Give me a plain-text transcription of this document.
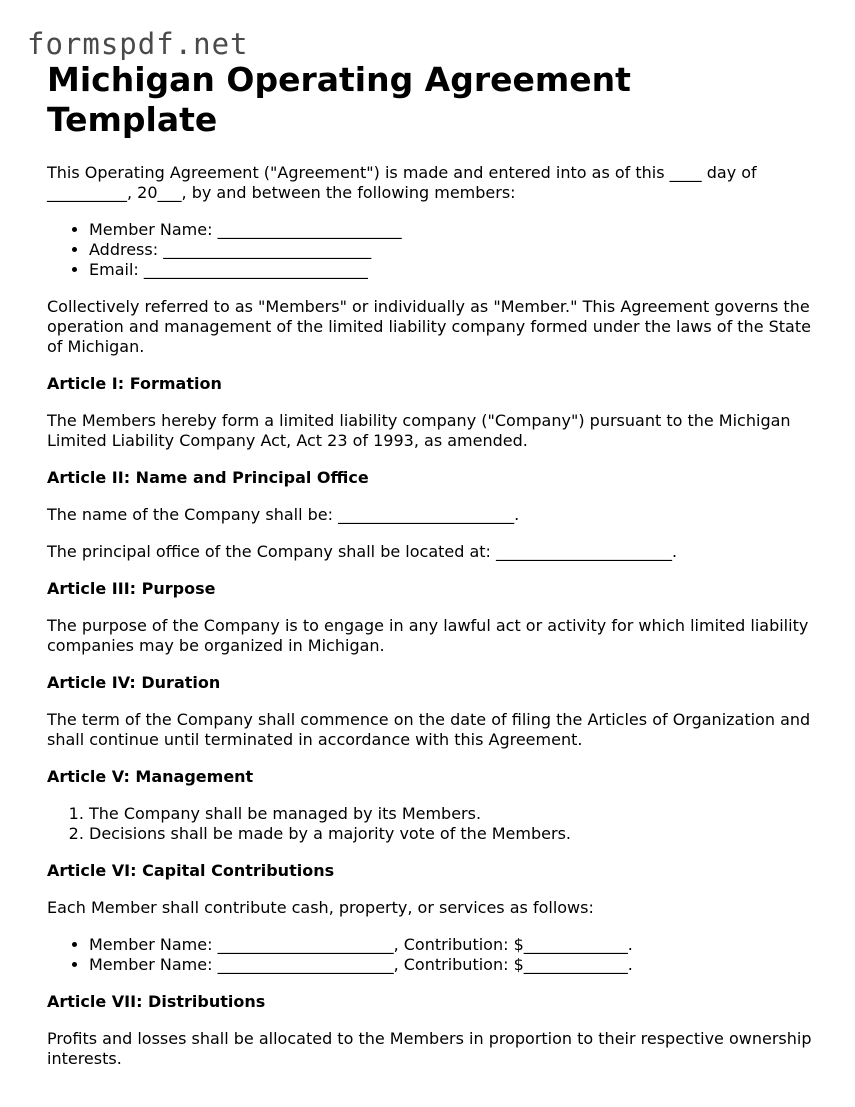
formspdf.net
Michigan Operating Agreement Template

This Operating Agreement ("Agreement") is made and entered into as of this ____ day of __________, 20___, by and between the following members:

• Member Name: _______________________
• Address: __________________________
• Email: ____________________________

Collectively referred to as "Members" or individually as "Member." This Agreement governs the operation and management of the limited liability company formed under the laws of the State of Michigan.

Article I: Formation

The Members hereby form a limited liability company ("Company") pursuant to the Michigan Limited Liability Company Act, Act 23 of 1993, as amended.

Article II: Name and Principal Office

The name of the Company shall be: ______________________.

The principal office of the Company shall be located at: ______________________.

Article III: Purpose

The purpose of the Company is to engage in any lawful act or activity for which limited liability companies may be organized in Michigan.

Article IV: Duration

The term of the Company shall commence on the date of filing the Articles of Organization and shall continue until terminated in accordance with this Agreement.

Article V: Management
1. The Company shall be managed by its Members.
2. Decisions shall be made by a majority vote of the Members.
Article VI: Capital Contributions

Each Member shall contribute cash, property, or services as follows:

• Member Name: ______________________, Contribution: $_____________.
• Member Name: ______________________, Contribution: $_____________.
Article VII: Distributions

Profits and losses shall be allocated to the Members in proportion to their respective ownership interests.
